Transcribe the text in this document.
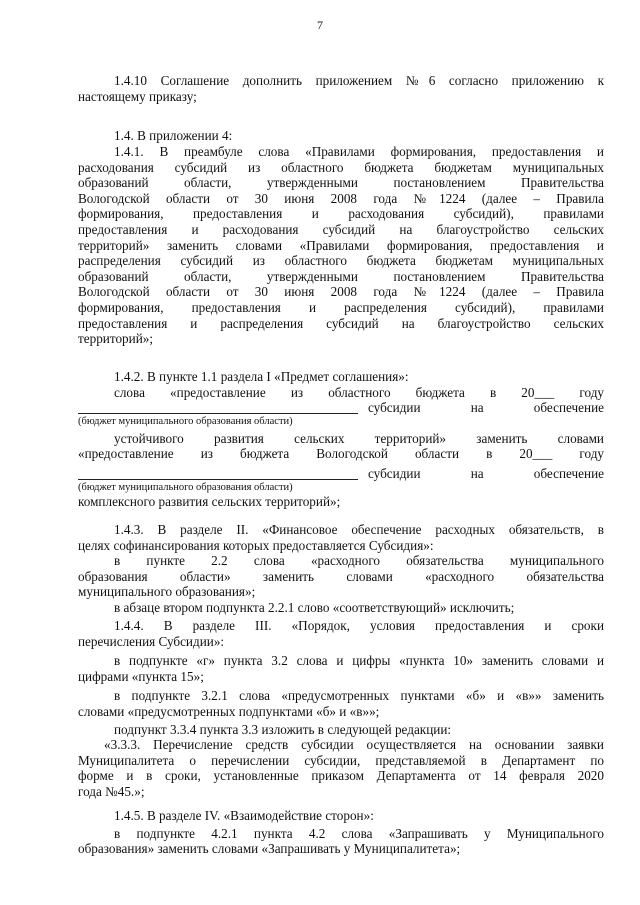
7
1.4.10 Соглашение дополнить приложением №6 согласно приложению к
настоящему приказу;
1.4. В приложении 4:
1.4.1. В преамбуле слова «Правилами формирования, предоставления и
расходования субсидий из областного бюджета бюджетам муниципальных
образований области, утвержденными постановлением Правительства
Вологодской области от 30 июня 2008 года №1224 (далее – Правила
формирования, предоставления и расходования субсидий), правилами
предоставления и расходования субсидий на благоустройство сельских
территорий» заменить словами «Правилами формирования, предоставления и
распределения субсидий из областного бюджета бюджетам муниципальных
образований области, утвержденными постановлением Правительства
Вологодской области от 30 июня 2008 года №1224 (далее – Правила
формирования, предоставления и распределения субсидий), правилами
предоставления и распределения субсидий на благоустройство сельских
территорий»;
1.4.2. В пункте 1.1 раздела I «Предмет соглашения»:
слова «предоставление из областного бюджета в 20___ году
субсидии на обеспечение
(бюджет муниципального образования области)
устойчивого развития сельских территорий» заменить словами
«предоставление из бюджета Вологодской области в 20___ году
субсидии на обеспечение
(бюджет муниципального образования области)
комплексного развития сельских территорий»;
1.4.3. В разделе II. «Финансовое обеспечение расходных обязательств, в
целях софинансирования которых предоставляется Субсидия»:
в пункте 2.2 слова «расходного обязательства муниципального
образования области» заменить словами «расходного обязательства
муниципального образования»;
в абзаце втором подпункта 2.2.1 слово «соответствующий» исключить;
1.4.4. В разделе III. «Порядок, условия предоставления и сроки
перечисления Субсидии»:
в подпункте «г» пункта 3.2 слова и цифры «пункта 10» заменить словами и
цифрами «пункта 15»;
в подпункте 3.2.1 слова «предусмотренных пунктами «б» и «в»» заменить
словами «предусмотренных подпунктами «б» и «в»»;
подпункт 3.3.4 пункта 3.3 изложить в следующей редакции:
«3.3.3. Перечисление средств субсидии осуществляется на основании заявки
Муниципалитета о перечислении субсидии, представляемой в Департамент по
форме и в сроки, установленные приказом Департамента от 14 февраля 2020
года №45.»;
1.4.5. В разделе IV. «Взаимодействие сторон»:
в подпункте 4.2.1 пункта 4.2 слова «Запрашивать у Муниципального
образования» заменить словами «Запрашивать у Муниципалитета»;
